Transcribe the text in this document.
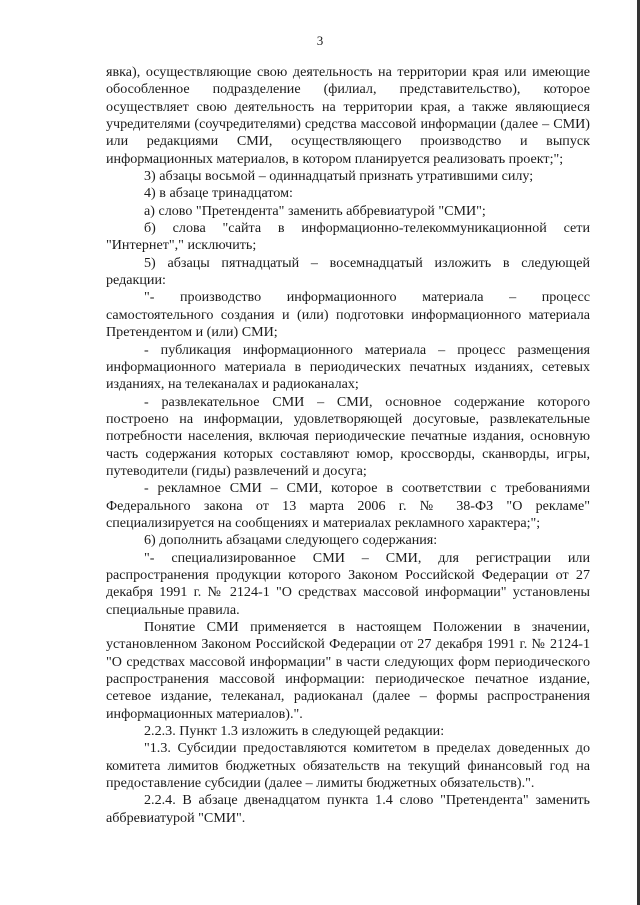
3

явка), осуществляющие свою деятельность на территории края или имеющие обособленное подразделение (филиал, представительство), которое осуществляет свою деятельность на территории края, а также являющиеся учредителями (соучредителями) средства массовой информации (далее – СМИ) или редакциями СМИ, осуществляющего производство и выпуск информационных материалов, в котором планируется реализовать проект;";

3) абзацы восьмой – одиннадцатый признать утратившими силу;

4) в абзаце тринадцатом:

а) слово "Претендента" заменить аббревиатурой "СМИ";

б) слова "сайта в информационно-телекоммуникационной сети "Интернет"," исключить;

5) абзацы пятнадцатый – восемнадцатый изложить в следующей редакции:

"- производство информационного материала – процесс самостоятельного создания и (или) подготовки информационного материала Претендентом и (или) СМИ;

- публикация информационного материала – процесс размещения информационного материала в периодических печатных изданиях, сетевых изданиях, на телеканалах и радиоканалах;

- развлекательное СМИ – СМИ, основное содержание которого построено на информации, удовлетворяющей досуговые, развлекательные потребности населения, включая периодические печатные издания, основную часть содержания которых составляют юмор, кроссворды, сканворды, игры, путеводители (гиды) развлечений и досуга;

- рекламное СМИ – СМИ, которое в соответствии с требованиями Федерального закона от 13 марта 2006 г. № 38-ФЗ "О рекламе" специализируется на сообщениях и материалах рекламного характера;";

6) дополнить абзацами следующего содержания:

"- специализированное СМИ – СМИ, для регистрации или распространения продукции которого Законом Российской Федерации от 27 декабря 1991 г. № 2124-1 "О средствах массовой информации" установлены специальные правила.

Понятие СМИ применяется в настоящем Положении в значении, установленном Законом Российской Федерации от 27 декабря 1991 г. № 2124-1 "О средствах массовой информации" в части следующих форм периодического распространения массовой информации: периодическое печатное издание, сетевое издание, телеканал, радиоканал (далее – формы распространения информационных материалов).".

2.2.3. Пункт 1.3 изложить в следующей редакции:

"1.3. Субсидии предоставляются комитетом в пределах доведенных до комитета лимитов бюджетных обязательств на текущий финансовый год на предоставление субсидии (далее – лимиты бюджетных обязательств).".

2.2.4. В абзаце двенадцатом пункта 1.4 слово "Претендента" заменить аббревиатурой "СМИ".
